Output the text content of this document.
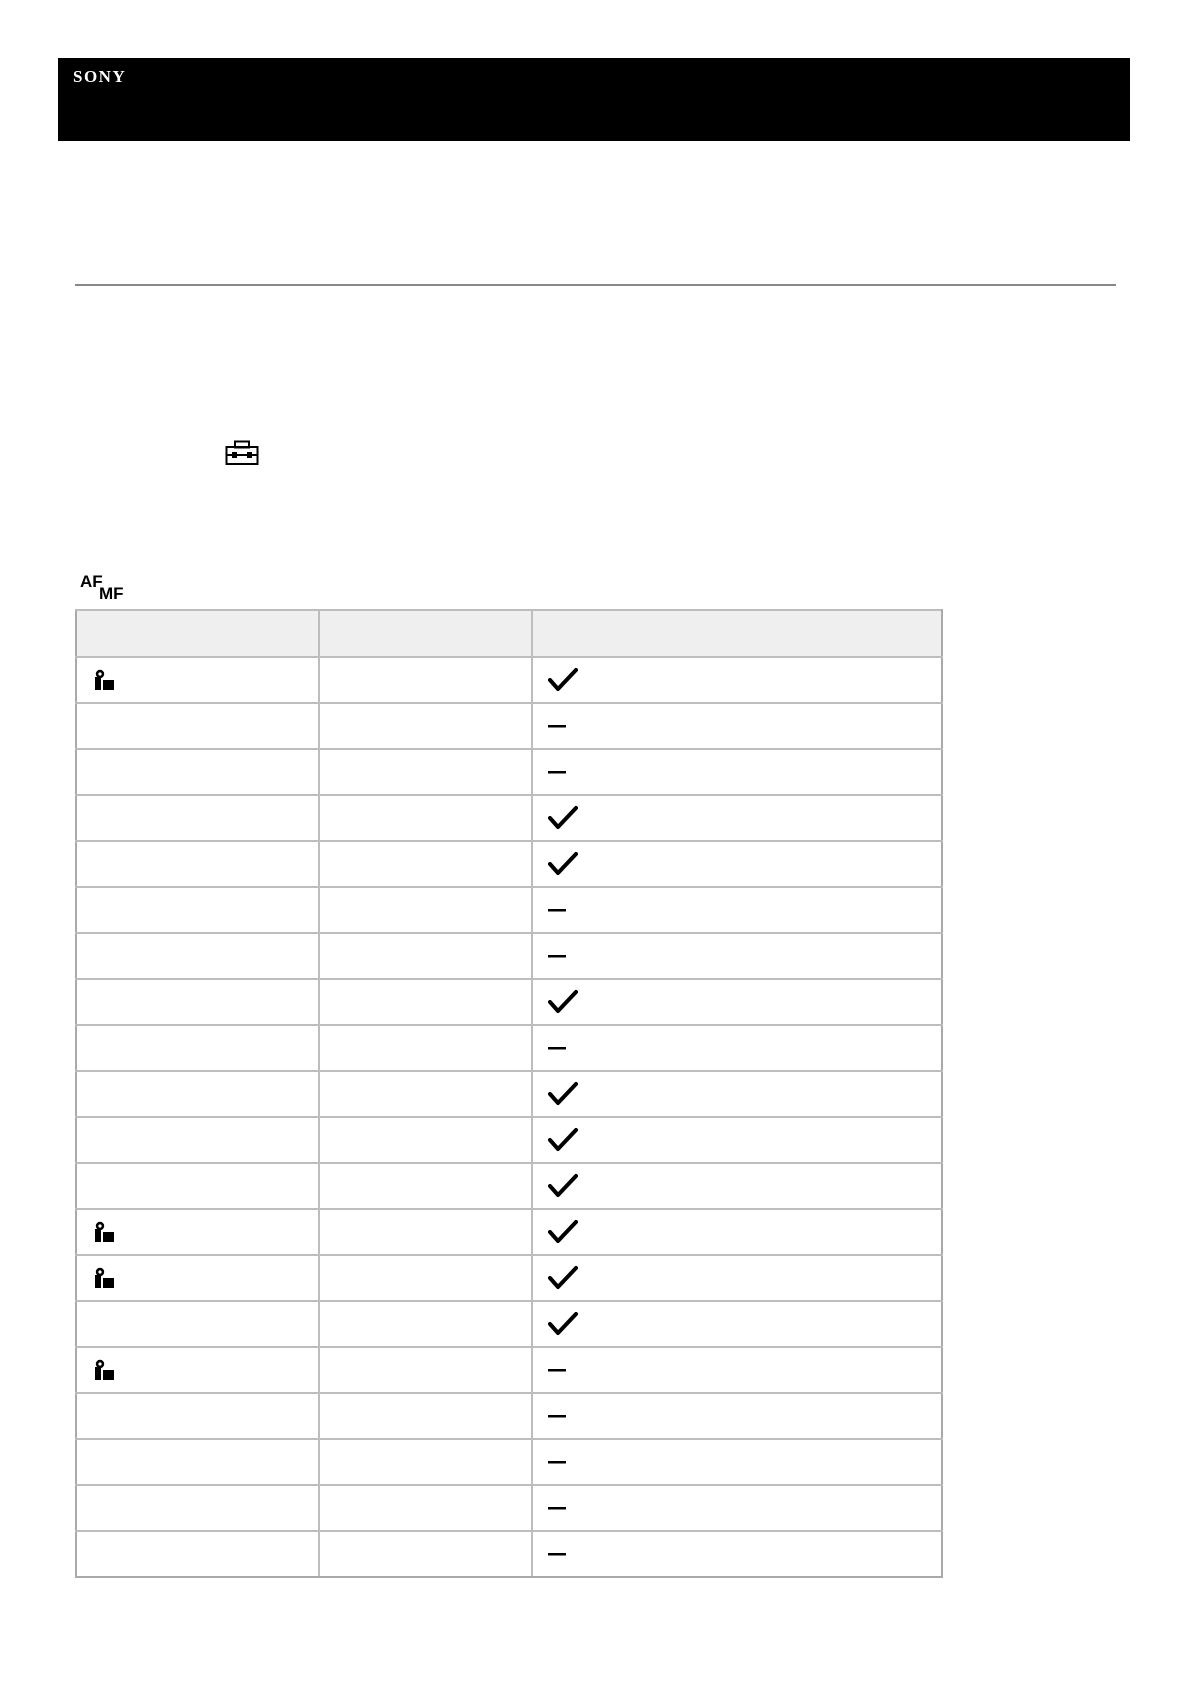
SONY
AF
MF
